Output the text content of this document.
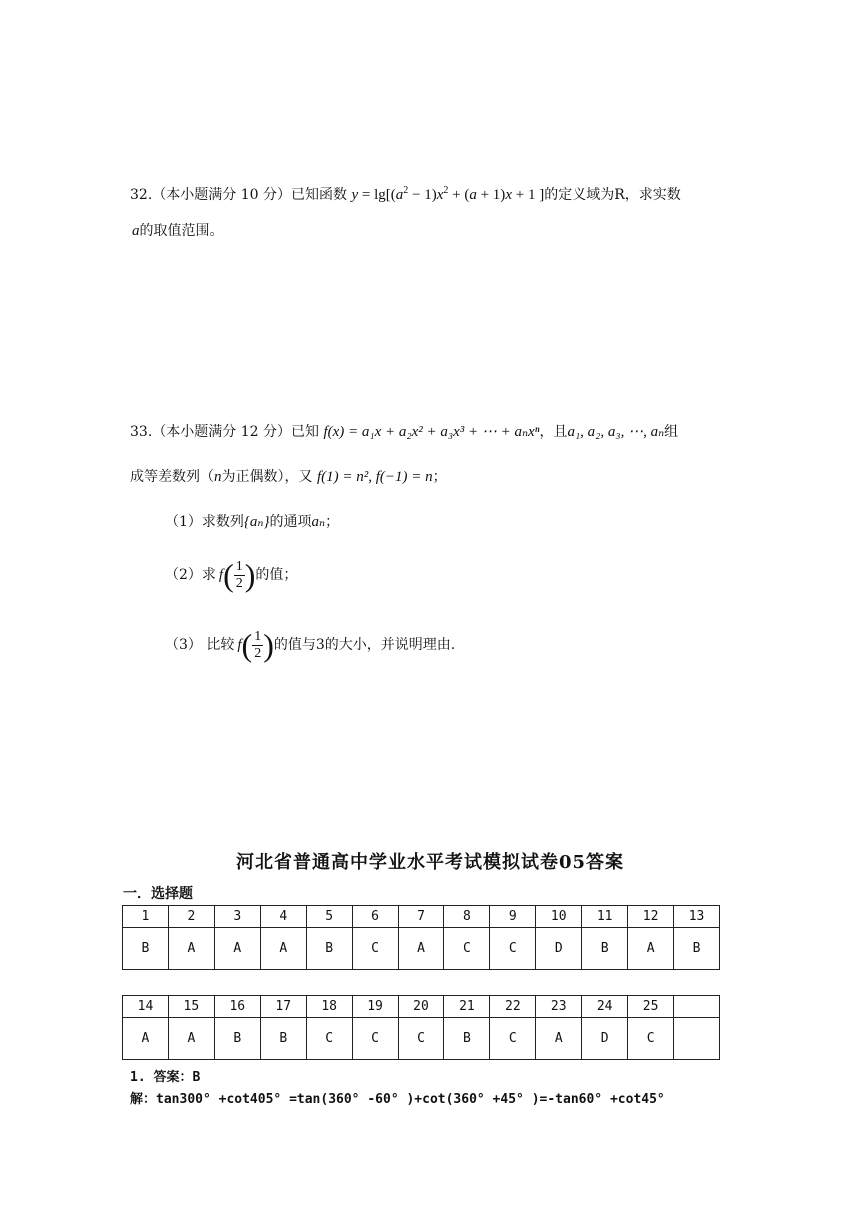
32.（本小题满分 10 分）已知函数 $y = \lg[(a^2 - 1)x^2 + (a + 1)x + 1$ ]的定义域为R，求实数
a的取值范围。
33.（本小题满分 12 分）已知 f(x) = a₁x + a₂x² + a₃x³ + ⋯ + aₙxⁿ，且a₁, a₂, a₃, ⋯, aₙ组
成等差数列（n为正偶数），又 f(1) = n², f(−1) = n；
（1）求数列{aₙ}的通项aₙ；
（2）求 f ( $\frac{1}{2}$ ) 的值；
（3） 比较 f ( $\frac{1}{2}$ ) 的值与3的大小，并说明理由.
河北省普通高中学业水平考试模拟试卷05答案
一．选择题
1	2	3	4	5	6	7	8	9	10	11	12	13
B	A	A	A	B	C	A	C	C	D	B	A	B
14	15	16	17	18	19	20	21	22	23	24	25	
A	A	B	B	C	C	C	B	C	A	D	C	
1. 答案：B
解：tan300° +cot405° =tan(360° -60° )+cot(360° +45° )=-tan60° +cot45°
